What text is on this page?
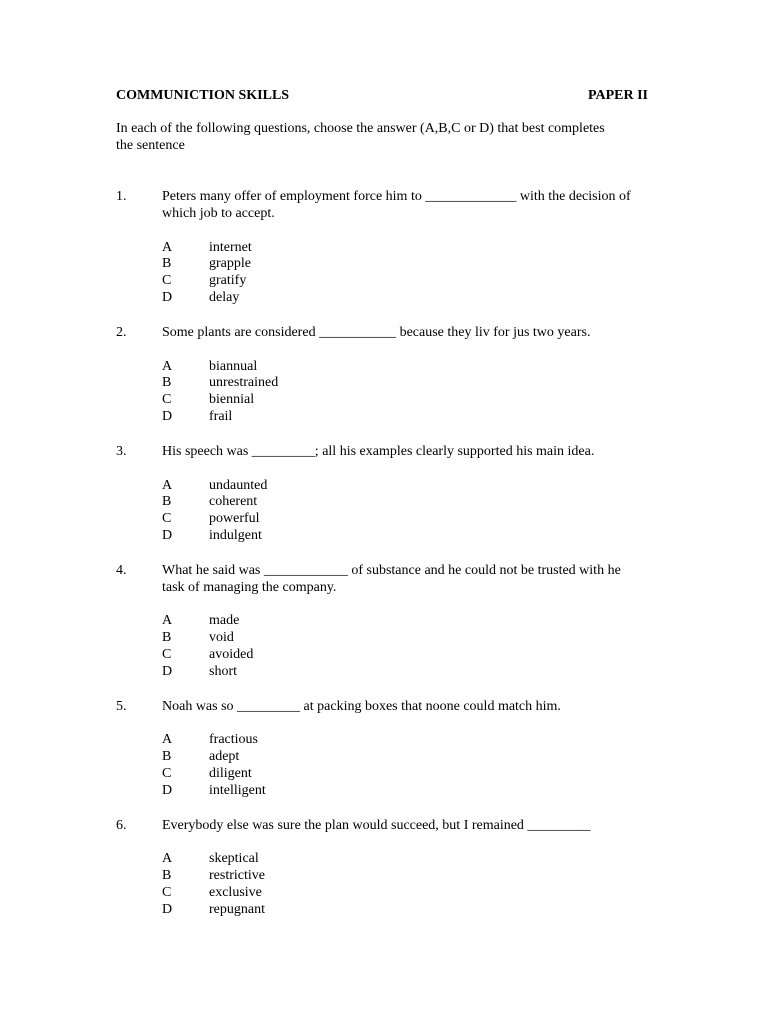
COMMUNICTION SKILLS	PAPER II
In each of the following questions, choose the answer (A,B,C or D) that best completes the sentence
1.	Peters many offer of employment force him to _____________ with the decision of which job to accept.
A	internet
B	grapple
C	gratify
D	delay
2.	Some plants are considered ___________ because they liv for jus two years.
A	biannual
B	unrestrained
C	biennial
D	frail
3.	His speech was _________; all his examples clearly supported his main idea.
A	undaunted
B	coherent
C	powerful
D	indulgent
4.	What he said was ____________ of substance and he could not be trusted with he task of managing the company.
A	made
B	void
C	avoided
D	short
5.	Noah was so _________ at packing boxes that noone could match him.
A	fractious
B	adept
C	diligent
D	intelligent
6.	Everybody else was sure the plan would succeed, but I remained _________
A	skeptical
B	restrictive
C	exclusive
D	repugnant
